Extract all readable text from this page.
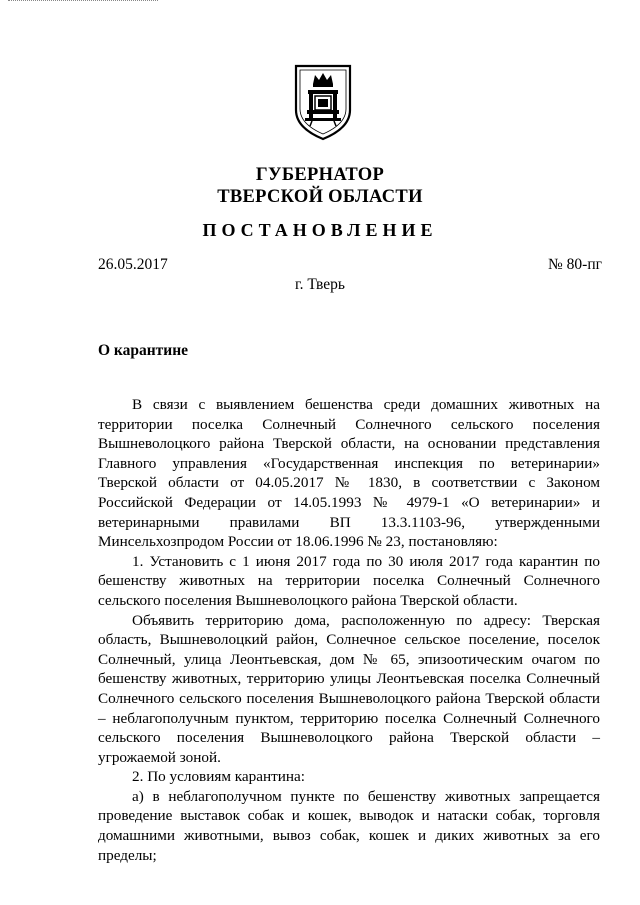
ГУБЕРНАТОР
ТВЕРСКОЙ ОБЛАСТИ
ПОСТАНОВЛЕНИЕ
26.05.2017	№ 80-пг
г. Тверь
О карантине

В связи с выявлением бешенства среди домашних животных на территории поселка Солнечный Солнечного сельского поселения Вышневолоцкого района Тверской области, на основании представления Главного управления «Государственная инспекция по ветеринарии» Тверской области от 04.05.2017 № 1830, в соответствии с Законом Российской Федерации от 14.05.1993 № 4979-1 «О ветеринарии» и ветеринарными правилами ВП 13.3.1103-96, утвержденными Минсельхозпродом России от 18.06.1996 № 23, постановляю:

1. Установить с 1 июня 2017 года по 30 июля 2017 года карантин по бешенству животных на территории поселка Солнечный Солнечного сельского поселения Вышневолоцкого района Тверской области.

Объявить территорию дома, расположенную по адресу: Тверская область, Вышневолоцкий район, Солнечное сельское поселение, поселок Солнечный, улица Леонтьевская, дом № 65, эпизоотическим очагом по бешенству животных, территорию улицы Леонтьевская поселка Солнечный Солнечного сельского поселения Вышневолоцкого района Тверской области – неблагополучным пунктом, территорию поселка Солнечный Солнечного сельского поселения Вышневолоцкого района Тверской области – угрожаемой зоной.

2. По условиям карантина:

а) в неблагополучном пункте по бешенству животных запрещается проведение выставок собак и кошек, выводок и натаски собак, торговля домашними животными, вывоз собак, кошек и диких животных за его пределы;
